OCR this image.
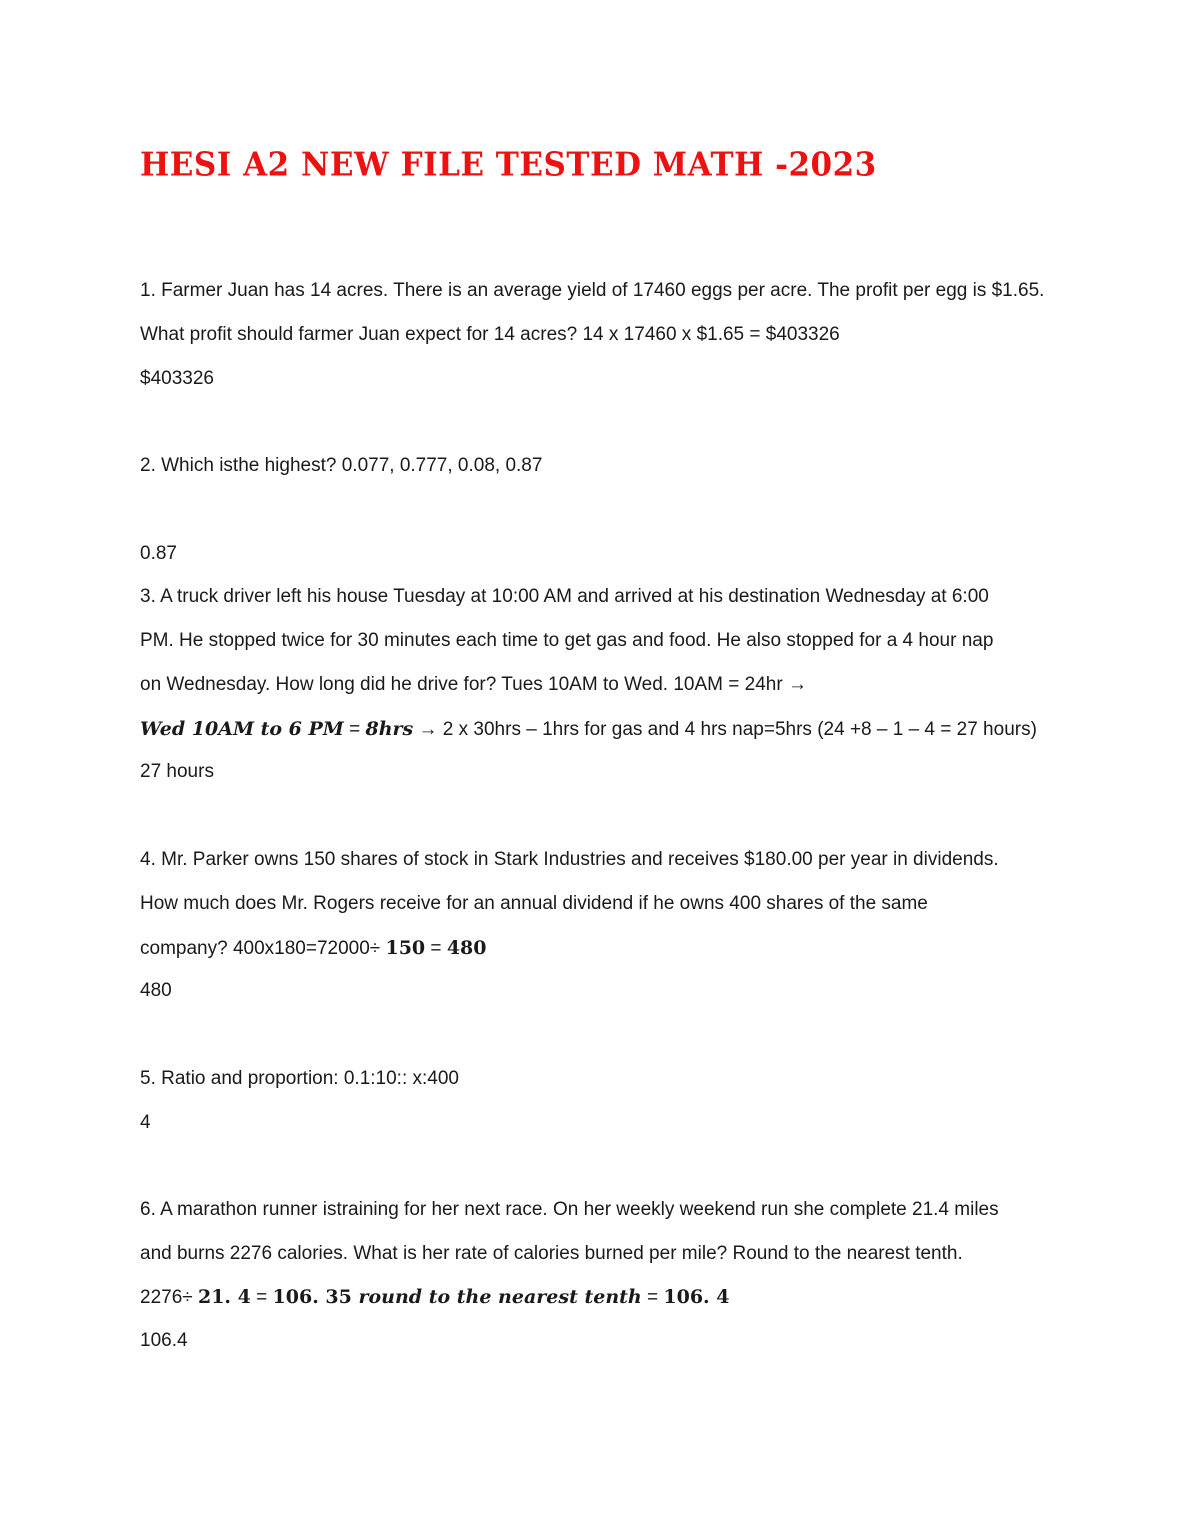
HESI A2 NEW FILE TESTED MATH -2023

1. Farmer Juan has 14 acres. There is an average yield of 17460 eggs per acre. The profit per egg is $1.65.

What profit should farmer Juan expect for 14 acres? 14 x 17460 x $1.65 = $403326

$403326

2. Which isthe highest? 0.077, 0.777, 0.08, 0.87

0.87

3. A truck driver left his house Tuesday at 10:00 AM and arrived at his destination Wednesday at 6:00

PM. He stopped twice for 30 minutes each time to get gas and food. He also stopped for a 4 hour nap

on Wednesday. How long did he drive for? Tues 10AM to Wed. 10AM = 24hr →

Wed 10AM to 6 PM = 8hrs → 2 x 30hrs – 1hrs for gas and 4 hrs nap=5hrs (24 +8 – 1 – 4 = 27 hours)

27 hours

4. Mr. Parker owns 150 shares of stock in Stark Industries and receives $180.00 per year in dividends.

How much does Mr. Rogers receive for an annual dividend if he owns 400 shares of the same

company? 400x180=72000÷ 150 = 480

480

5. Ratio and proportion: 0.1:10:: x:400

4

6. A marathon runner istraining for her next race. On her weekly weekend run she complete 21.4 miles

and burns 2276 calories. What is her rate of calories burned per mile? Round to the nearest tenth.

2276÷ 21. 4 = 106. 35 round to the nearest tenth = 106. 4

106.4
